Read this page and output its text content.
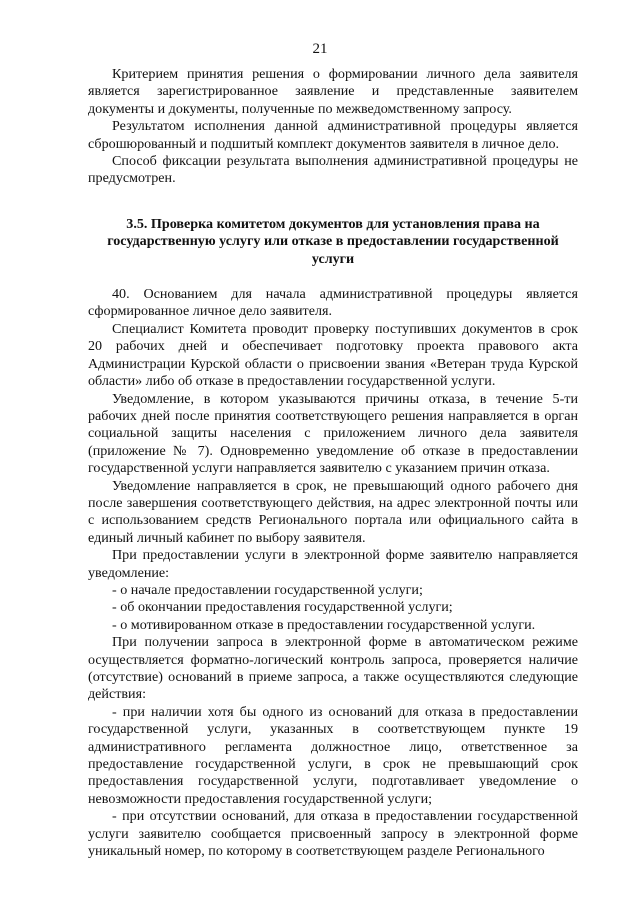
21

Критерием принятия решения о формировании личного дела заявителя является зарегистрированное заявление и представленные заявителем документы и документы, полученные по межведомственному запросу.

Результатом исполнения данной административной процедуры является сброшюрованный и подшитый комплект документов заявителя в личное дело.

Способ фиксации результата выполнения административной процедуры не предусмотрен.

3.5. Проверка комитетом документов для установления права на государственную услугу или отказе в предоставлении государственной услуги

40. Основанием для начала административной процедуры является сформированное личное дело заявителя.

Специалист Комитета проводит проверку поступивших документов в срок 20 рабочих дней и обеспечивает подготовку проекта правового акта Администрации Курской области о присвоении звания «Ветеран труда Курской области» либо об отказе в предоставлении государственной услуги.

Уведомление, в котором указываются причины отказа, в течение 5-ти рабочих дней после принятия соответствующего решения направляется в орган социальной защиты населения с приложением личного дела заявителя (приложение № 7). Одновременно уведомление об отказе в предоставлении государственной услуги направляется заявителю с указанием причин отказа.

Уведомление направляется в срок, не превышающий одного рабочего дня после завершения соответствующего действия, на адрес электронной почты или с использованием средств Регионального портала или официального сайта в единый личный кабинет по выбору заявителя.

При предоставлении услуги в электронной форме заявителю направляется уведомление:

- о начале предоставлении государственной услуги;

- об окончании предоставления государственной услуги;

- о мотивированном отказе в предоставлении государственной услуги.

При получении запроса в электронной форме в автоматическом режиме осуществляется форматно-логический контроль запроса, проверяется наличие (отсутствие) оснований в приеме запроса, а также осуществляются следующие действия:

- при наличии хотя бы одного из оснований для отказа в предоставлении государственной услуги, указанных в соответствующем пункте 19 административного регламента должностное лицо, ответственное за предоставление государственной услуги, в срок не превышающий срок предоставления государственной услуги, подготавливает уведомление о невозможности предоставления государственной услуги;

- при отсутствии оснований, для отказа в предоставлении государственной услуги заявителю сообщается присвоенный запросу в электронной форме уникальный номер, по которому в соответствующем разделе Регионального
